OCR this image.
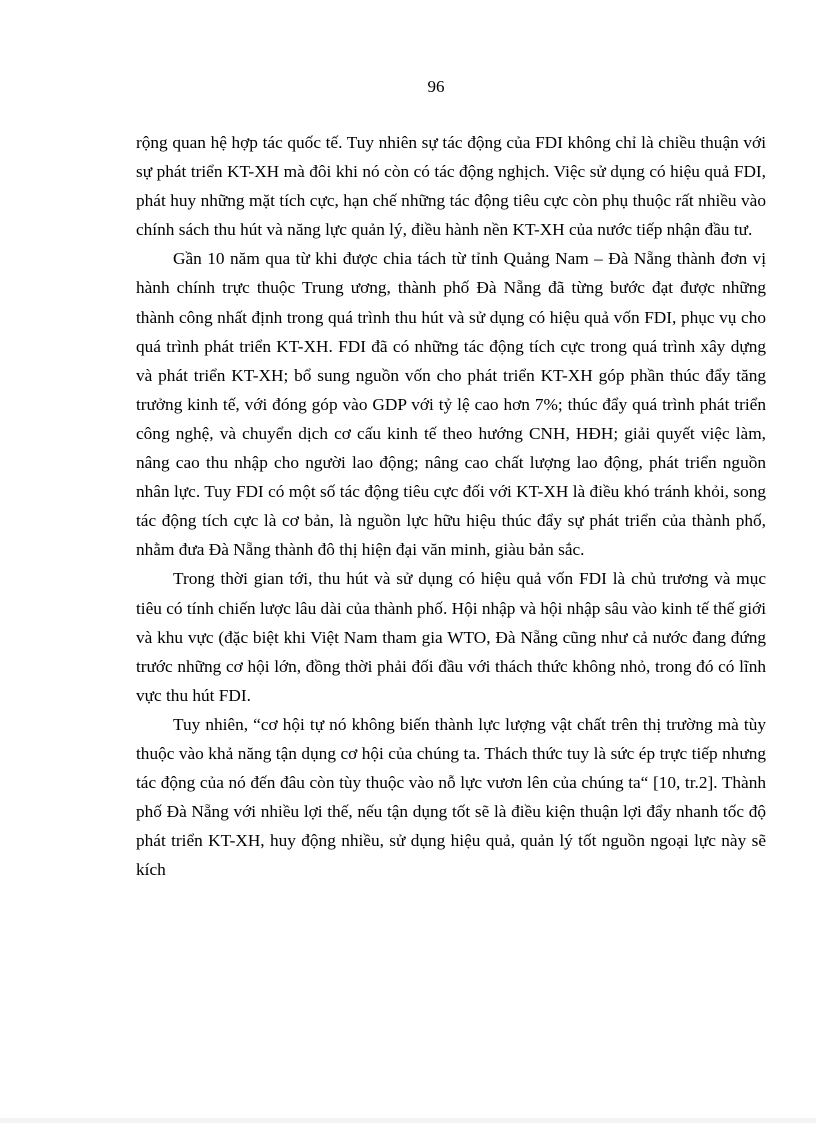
96

rộng quan hệ hợp tác quốc tế. Tuy nhiên sự tác động của FDI không chỉ là chiều thuận với sự phát triển KT-XH mà đôi khi nó còn có tác động nghịch. Việc sử dụng có hiệu quả FDI, phát huy những mặt tích cực, hạn chế những tác động tiêu cực còn phụ thuộc rất nhiều vào chính sách thu hút và năng lực quản lý, điều hành nền KT-XH của nước tiếp nhận đầu tư.

Gần 10 năm qua từ khi được chia tách từ tỉnh Quảng Nam – Đà Nẵng thành đơn vị hành chính trực thuộc Trung ương, thành phố Đà Nẵng đã từng bước đạt được những thành công nhất định trong quá trình thu hút và sử dụng có hiệu quả vốn FDI, phục vụ cho quá trình phát triển KT-XH. FDI đã có những tác động tích cực trong quá trình xây dựng và phát triển KT-XH; bổ sung nguồn vốn cho phát triển KT-XH góp phần thúc đẩy tăng trưởng kinh tế, với đóng góp vào GDP với tỷ lệ cao hơn 7%; thúc đẩy quá trình phát triển công nghệ, và chuyển dịch cơ cấu kinh tế theo hướng CNH, HĐH; giải quyết việc làm, nâng cao thu nhập cho người lao động; nâng cao chất lượng lao động, phát triển nguồn nhân lực. Tuy FDI có một số tác động tiêu cực đối với KT-XH là điều khó tránh khỏi, song tác động tích cực là cơ bản, là nguồn lực hữu hiệu thúc đẩy sự phát triển của thành phố, nhằm đưa Đà Nẵng thành đô thị hiện đại văn minh, giàu bản sắc.

Trong thời gian tới, thu hút và sử dụng có hiệu quả vốn FDI là chủ trương và mục tiêu có tính chiến lược lâu dài của thành phố. Hội nhập và hội nhập sâu vào kinh tế thế giới và khu vực (đặc biệt khi Việt Nam tham gia WTO, Đà Nẵng cũng như cả nước đang đứng trước những cơ hội lớn, đồng thời phải đối đầu với thách thức không nhỏ, trong đó có lĩnh vực thu hút FDI.

Tuy nhiên, “cơ hội tự nó không biến thành lực lượng vật chất trên thị trường mà tùy thuộc vào khả năng tận dụng cơ hội của chúng ta. Thách thức tuy là sức ép trực tiếp nhưng tác động của nó đến đâu còn tùy thuộc vào nỗ lực vươn lên của chúng ta“ [10, tr.2]. Thành phố Đà Nẵng với nhiều lợi thế, nếu tận dụng tốt sẽ là điều kiện thuận lợi đẩy nhanh tốc độ phát triển KT-XH, huy động nhiều, sử dụng hiệu quả, quản lý tốt nguồn ngoại lực này sẽ kích
